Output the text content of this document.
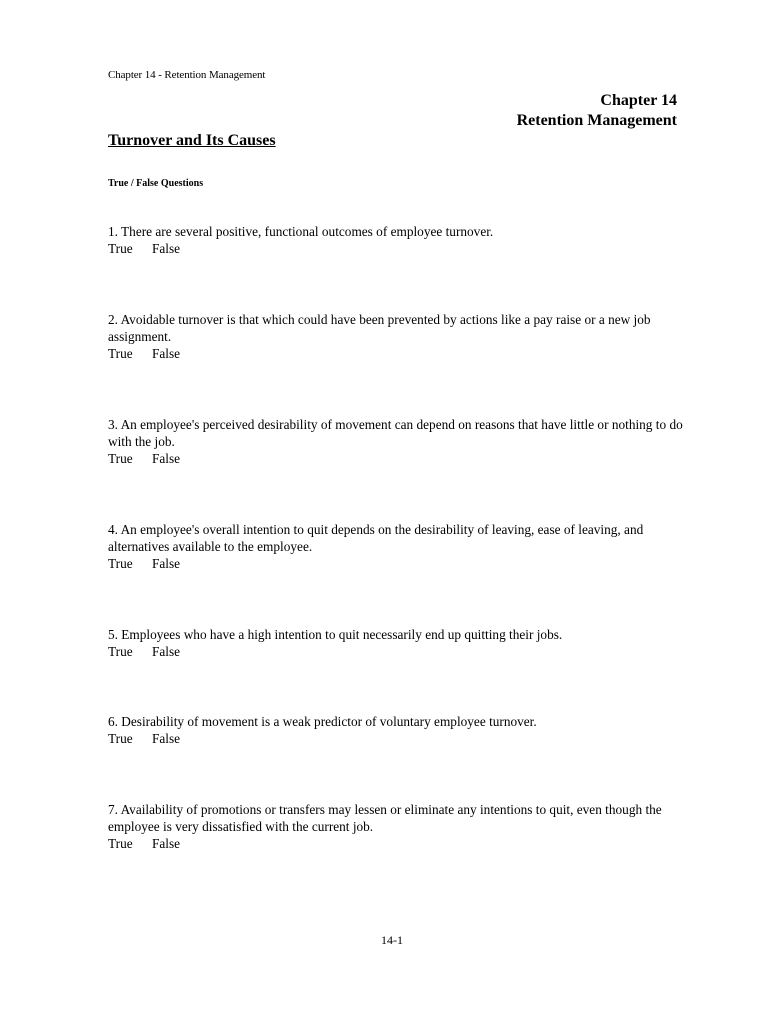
Chapter 14 - Retention Management
Chapter 14
Retention Management
Turnover and Its Causes
True / False Questions
1. There are several positive, functional outcomes of employee turnover.
True False
2. Avoidable turnover is that which could have been prevented by actions like a pay raise or a new job assignment.
True False
3. An employee's perceived desirability of movement can depend on reasons that have little or nothing to do with the job.
True False
4. An employee's overall intention to quit depends on the desirability of leaving, ease of leaving, and alternatives available to the employee.
True False
5. Employees who have a high intention to quit necessarily end up quitting their jobs.
True False
6. Desirability of movement is a weak predictor of voluntary employee turnover.
True False
7. Availability of promotions or transfers may lessen or eliminate any intentions to quit, even though the employee is very dissatisfied with the current job.
True False
14-1
